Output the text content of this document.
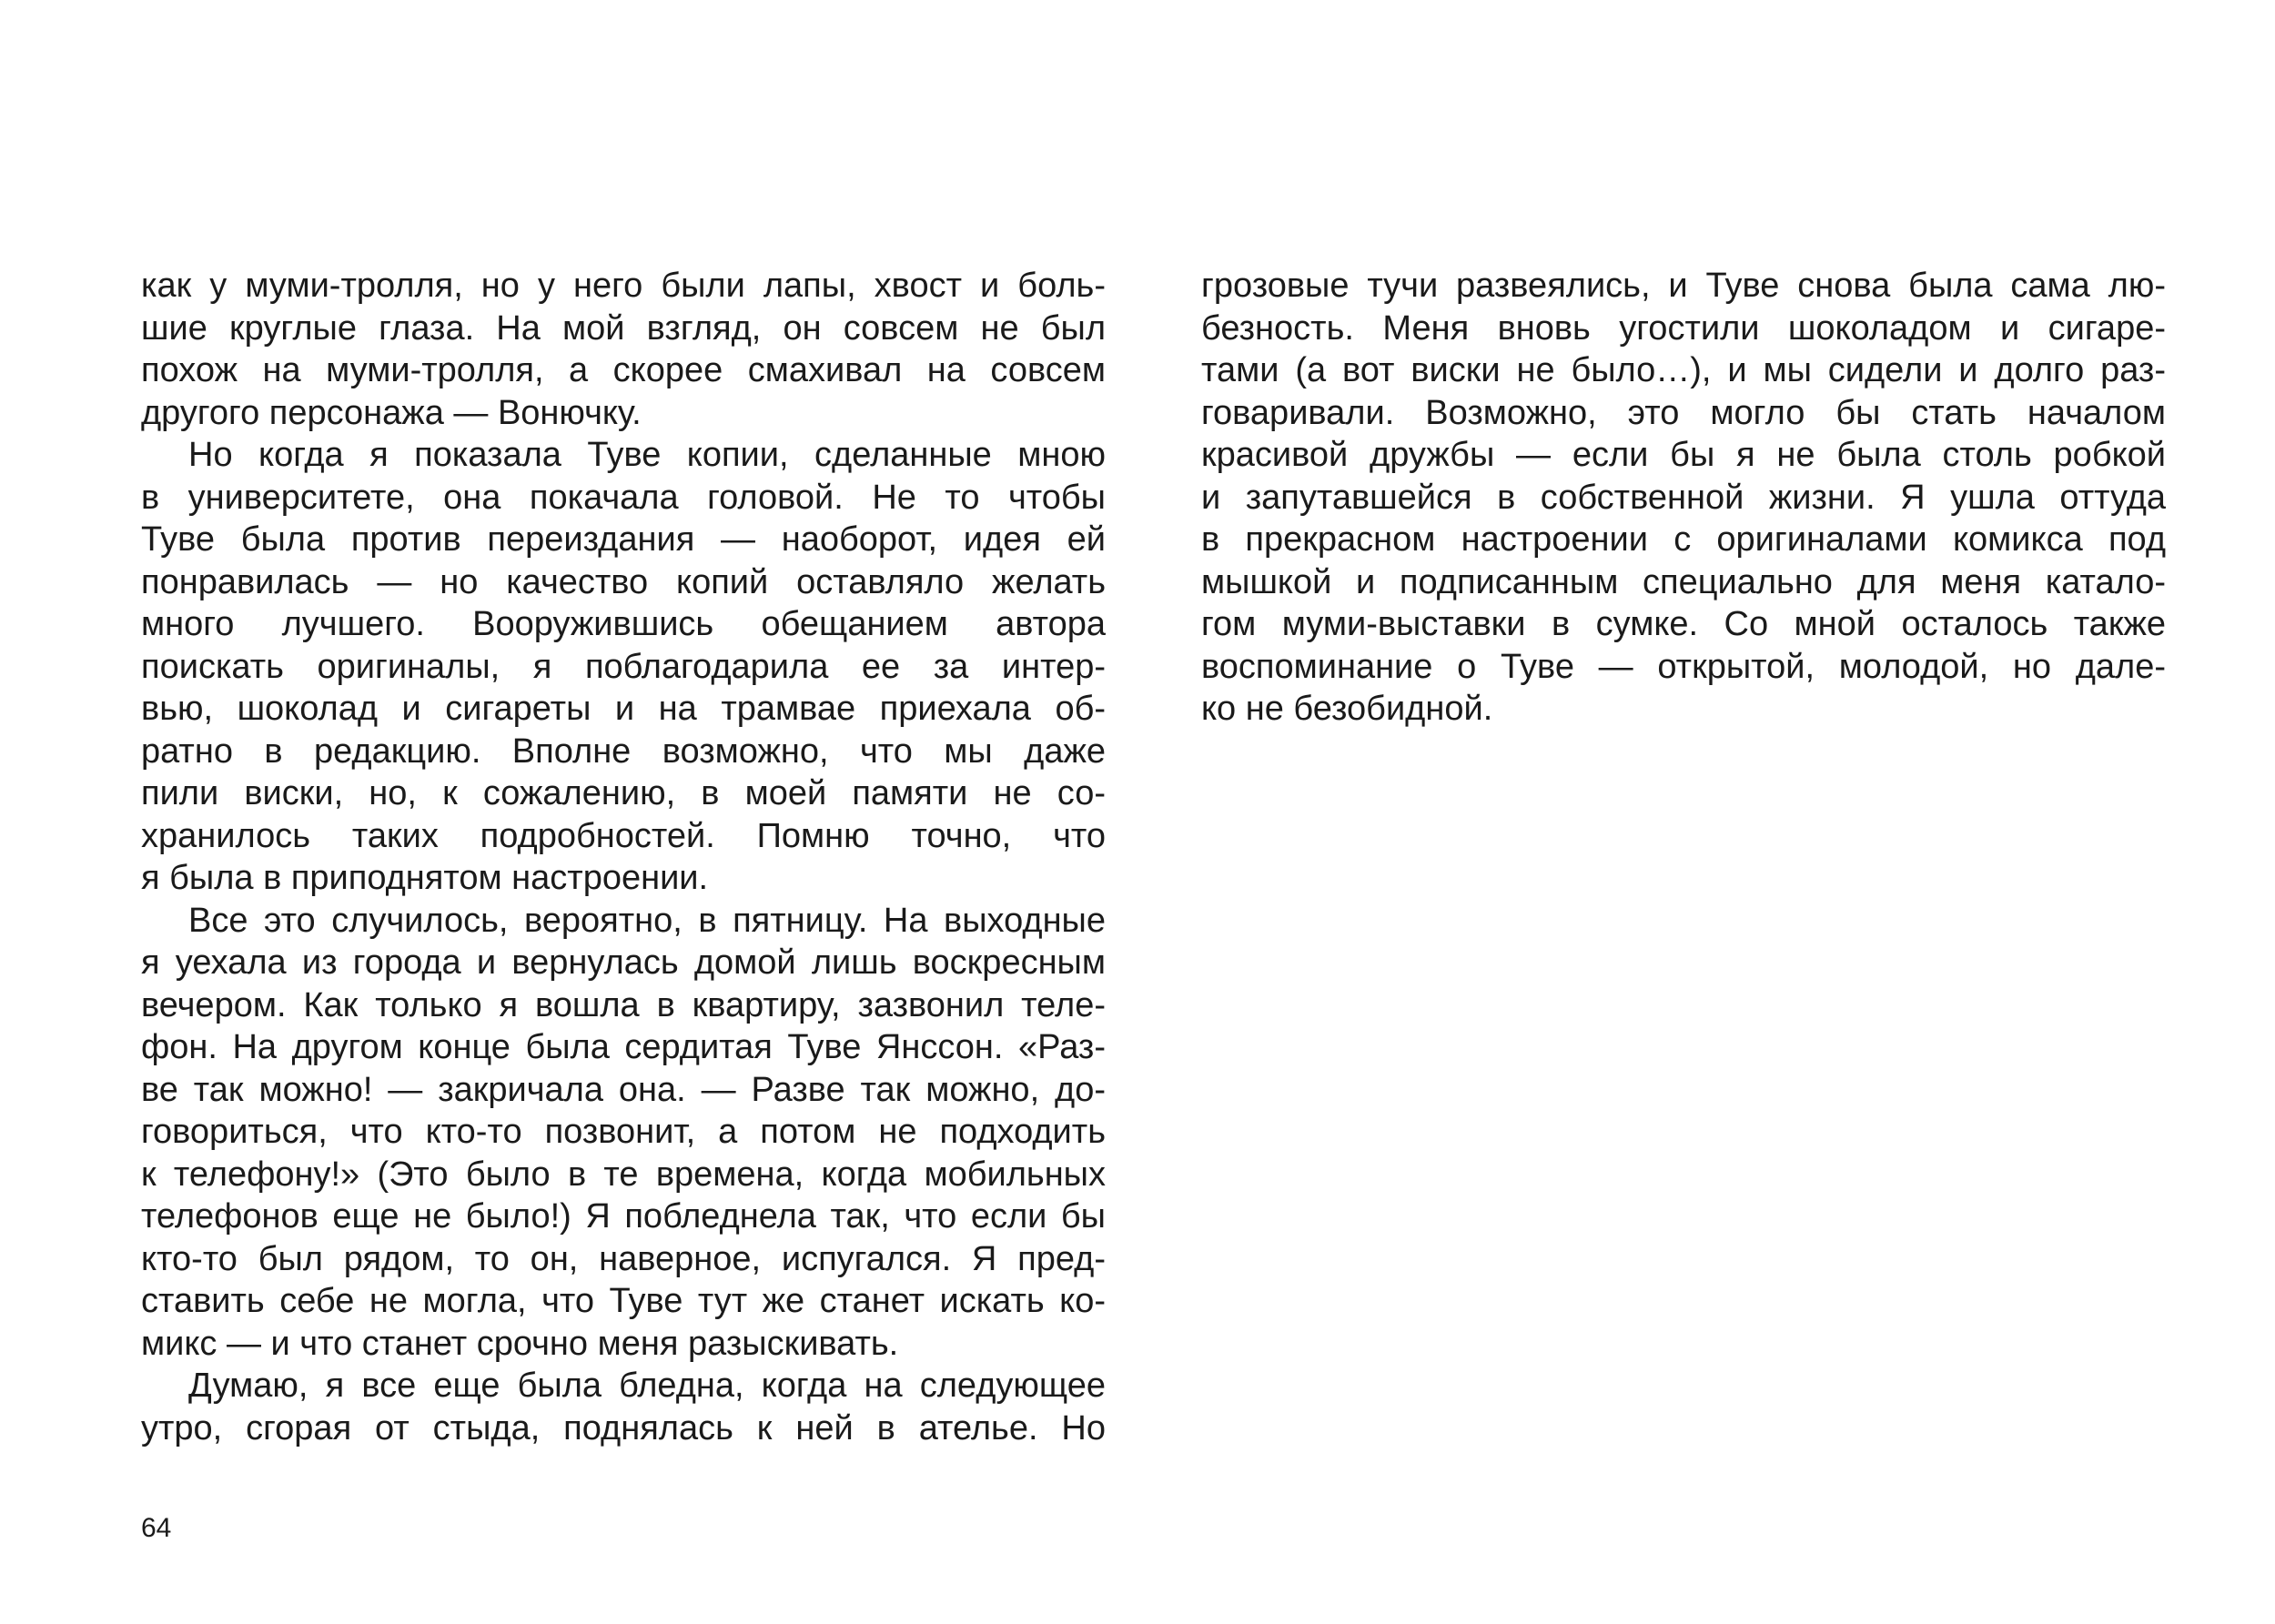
как у муми-тролля, но у него были лапы, хвост и боль-
шие круглые глаза. На мой взгляд, он совсем не был
похож на муми-тролля, а скорее смахивал на совсем
другого персонажа — Вонючку.
Но когда я показала Туве копии, сделанные мною
в университете, она покачала головой. Не то чтобы
Туве была против переиздания — наоборот, идея ей
понравилась — но качество копий оставляло желать
много лучшего. Вооружившись обещанием автора
поискать оригиналы, я поблагодарила ее за интер-
вью, шоколад и сигареты и на трамвае приехала об-
ратно в редакцию. Вполне возможно, что мы даже
пили виски, но, к сожалению, в моей памяти не со-
хранилось таких подробностей. Помню точно, что
я была в приподнятом настроении.
Все это случилось, вероятно, в пятницу. На выходные
я уехала из города и вернулась домой лишь воскресным
вечером. Как только я вошла в квартиру, зазвонил теле-
фон. На другом конце была сердитая Туве Янссон. «Раз-
ве так можно! — закричала она. — Разве так можно, до-
говориться, что кто-то позвонит, а потом не подходить
к телефону!» (Это было в те времена, когда мобильных
телефонов еще не было!) Я побледнела так, что если бы
кто-то был рядом, то он, наверное, испугался. Я пред-
ставить себе не могла, что Туве тут же станет искать ко-
микс — и что станет срочно меня разыскивать.
Думаю, я все еще была бледна, когда на следующее
утро, сгорая от стыда, поднялась к ней в ателье. Но
грозовые тучи развеялись, и Туве снова была сама лю-
безность. Меня вновь угостили шоколадом и сигаре-
тами (а вот виски не было…), и мы сидели и долго раз-
говаривали. Возможно, это могло бы стать началом
красивой дружбы — если бы я не была столь робкой
и запутавшейся в собственной жизни. Я ушла оттуда
в прекрасном настроении с оригиналами комикса под
мышкой и подписанным специально для меня катало-
гом муми-выставки в сумке. Со мной осталось также
воспоминание о Туве — открытой, молодой, но дале-
ко не безобидной.
64
